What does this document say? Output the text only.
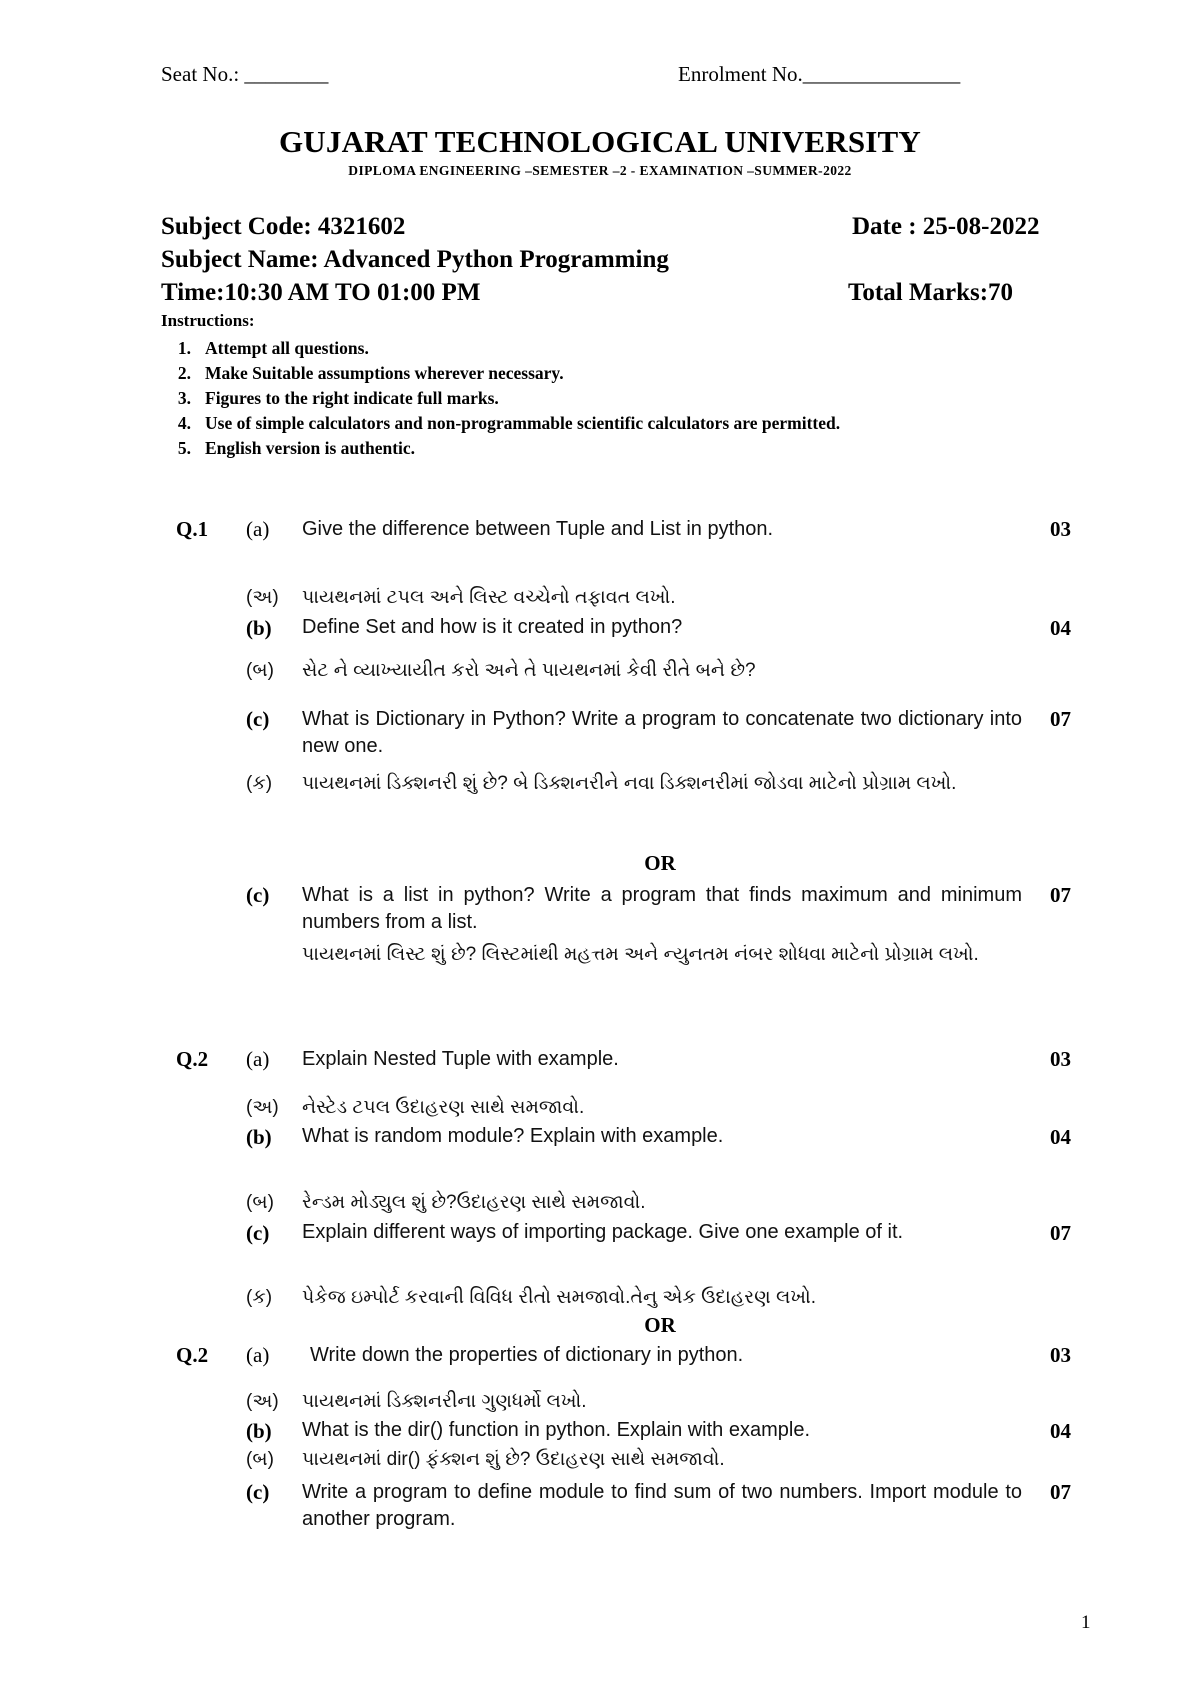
Seat No.: ________	Enrolment No._______________
GUJARAT TECHNOLOGICAL UNIVERSITY
DIPLOMA ENGINEERING –SEMESTER –2 - EXAMINATION –SUMMER-2022
Subject Code: 4321602	Date : 25-08-2022
Subject Name: Advanced Python Programming
Time:10:30 AM TO 01:00 PM	Total Marks:70
Instructions:
1. Attempt all questions.
2. Make Suitable assumptions wherever necessary.
3. Figures to the right indicate full marks.
4. Use of simple calculators and non-programmable scientific calculators are permitted.
5. English version is authentic.
Q.1 (a) Give the difference between Tuple and List in python.	03
(અ) પાયથનમાં ટપલ અને લિસ્ટ વચ્ચેનો તફાવત લખો.
(b) Define Set and how is it created in python?	04
(બ) સેટ ને વ્યાખ્યાયીત કરો અને તે પાયથનમાં કેવી રીતે બને છે?
(c) What is Dictionary in Python? Write a program to concatenate two dictionary into new one.
07
(ક) પાયથનમાં ડિક્શનરી શું છે? બે ડિક્શનરીને નવા ડિક્શનરીમાં જોડવા માટેનો પ્રોગ્રામ લખો.
OR
(c) What is a list in python? Write a program that finds maximum and minimum numbers from a list.
07
પાયથનમાં લિસ્ટ શું છે? લિસ્ટમાંથી મહત્તમ અને ન્યુનતમ નંબર શોધવા માટેનો પ્રોગ્રામ લખો.
Q.2 (a) Explain Nested Tuple with example.	03
(અ) નેસ્ટેડ ટપલ ઉદાહરણ સાથે સમજાવો.
(b) What is random module? Explain with example.	04
(બ) રેન્ડમ મોડ્યુલ શું છે?ઉદાહરણ સાથે સમજાવો.
(c) Explain different ways of importing package. Give one example of it.	07
(ક) પેકેજ ઇમ્પોર્ટ કરવાની વિવિધ રીતો સમજાવો.તેનુ એક ઉદાહરણ લખો.
OR
Q.2 (a) Write down the properties of dictionary in python.	03
(અ) પાયથનમાં ડિક્શનરીના ગુણધર્મો લખો.
(b) What is the dir() function in python. Explain with example.	04
(બ) પાયથનમાં dir() ફંક્શન શું છે? ઉદાહરણ સાથે સમજાવો.
(c) Write a program to define module to find sum of two numbers. Import module to another program.
07
1
